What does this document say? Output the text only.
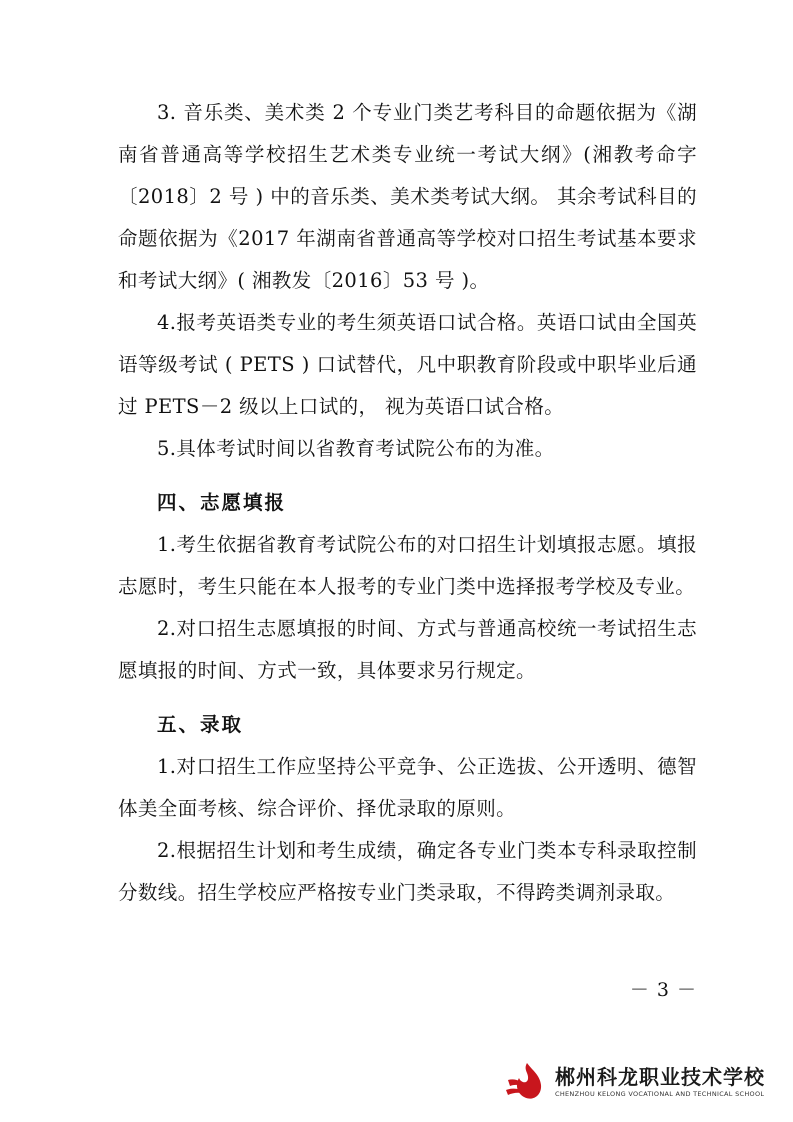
3. 音乐类、美术类 2 个专业门类艺考科目的命题依据为《湖南省普通高等学校招生艺术类专业统一考试大纲》(湘教考命字〔2018〕2 号 ) 中的音乐类、美术类考试大纲。 其余考试科目的命题依据为《2017 年湖南省普通高等学校对口招生考试基本要求和考试大纲》( 湘教发〔2016〕53 号 )。

4.报考英语类专业的考生须英语口试合格。英语口试由全国英语等级考试 ( PETS ) 口试替代，凡中职教育阶段或中职毕业后通过 PETS－2 级以上口试的， 视为英语口试合格。

5.具体考试时间以省教育考试院公布的为准。

四、志愿填报

1.考生依据省教育考试院公布的对口招生计划填报志愿。填报志愿时，考生只能在本人报考的专业门类中选择报考学校及专业。

2.对口招生志愿填报的时间、方式与普通高校统一考试招生志愿填报的时间、方式一致，具体要求另行规定。

五、录取

1.对口招生工作应坚持公平竞争、公正选拔、公开透明、德智体美全面考核、综合评价、择优录取的原则。

2.根据招生计划和考生成绩，确定各专业门类本专科录取控制分数线。招生学校应严格按专业门类录取，不得跨类调剂录取。

－ 3 －
郴州科龙职业技术学校
CHENZHOU KELONG VOCATIONAL AND TECHNICAL SCHOOL
